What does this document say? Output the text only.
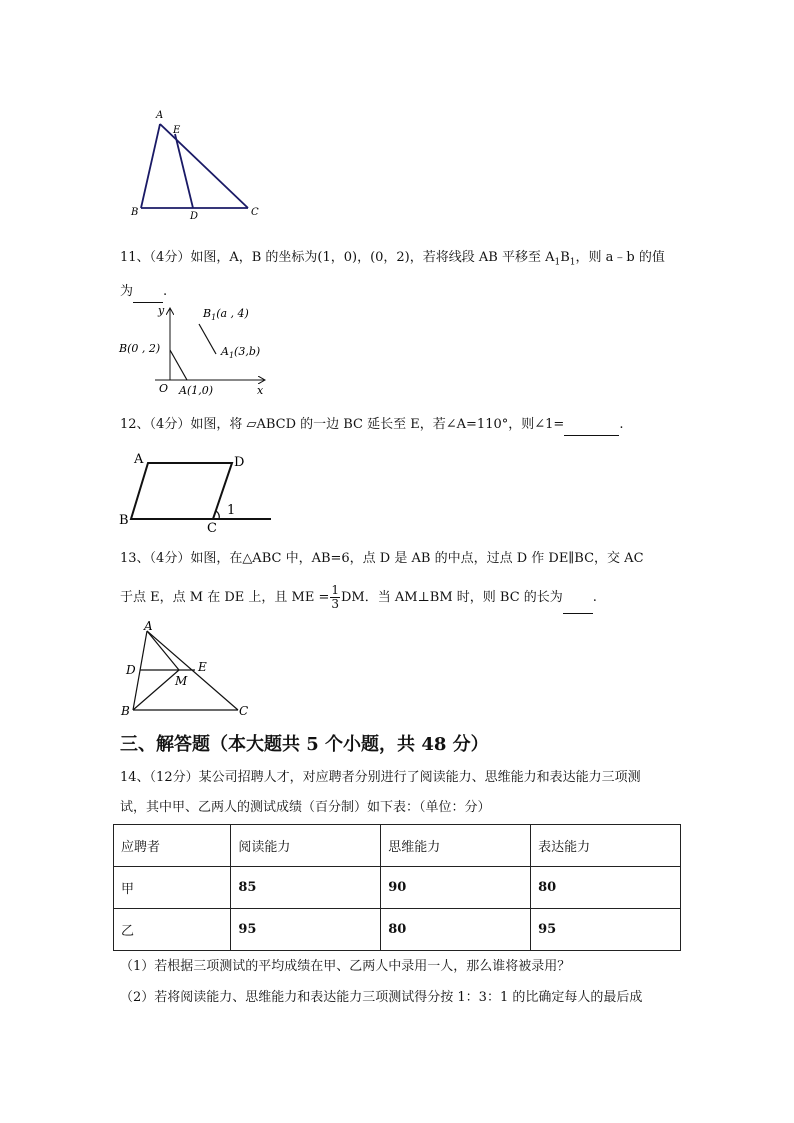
A
E
B	D	C
11、（4分）如图，A，B 的坐标为(1，0)，(0，2)，若将线段 AB 平移至 $A_1B_1$，则 a﹣b 的值
为 .
y
x
O
B(0 , 2)
A(1,0)
$B_1(a$ , 4)
$A_1(3,b)$
12、（4分）如图，将 ▱ABCD 的一边 BC 延长至 E，若∠A=110°，则∠1=	.
A	D
B
C
1
13、（4分）如图，在△ABC 中，AB=6，点 D 是 AB 的中点，过点 D 作 DE∥BC，交 AC
于点 E，点 M 在 DE 上，且 ME = $\frac{1}{3}$ DM．当 AM⊥BM 时，则 BC 的长为 .
A
D	E
M
B	C
三、解答题（本大题共 5 个小题，共 48 分）
14、（12分）某公司招聘人才，对应聘者分别进行了阅读能力、思维能力和表达能力三项测
试，其中甲、乙两人的测试成绩（百分制）如下表：（单位：分）
应聘者	阅读能力	思维能力	表达能力
甲	85	90	80
乙	95	80	95
（1）若根据三项测试的平均成绩在甲、乙两人中录用一人，那么谁将被录用？
（2）若将阅读能力、思维能力和表达能力三项测试得分按 1：3：1 的比确定每人的最后成
